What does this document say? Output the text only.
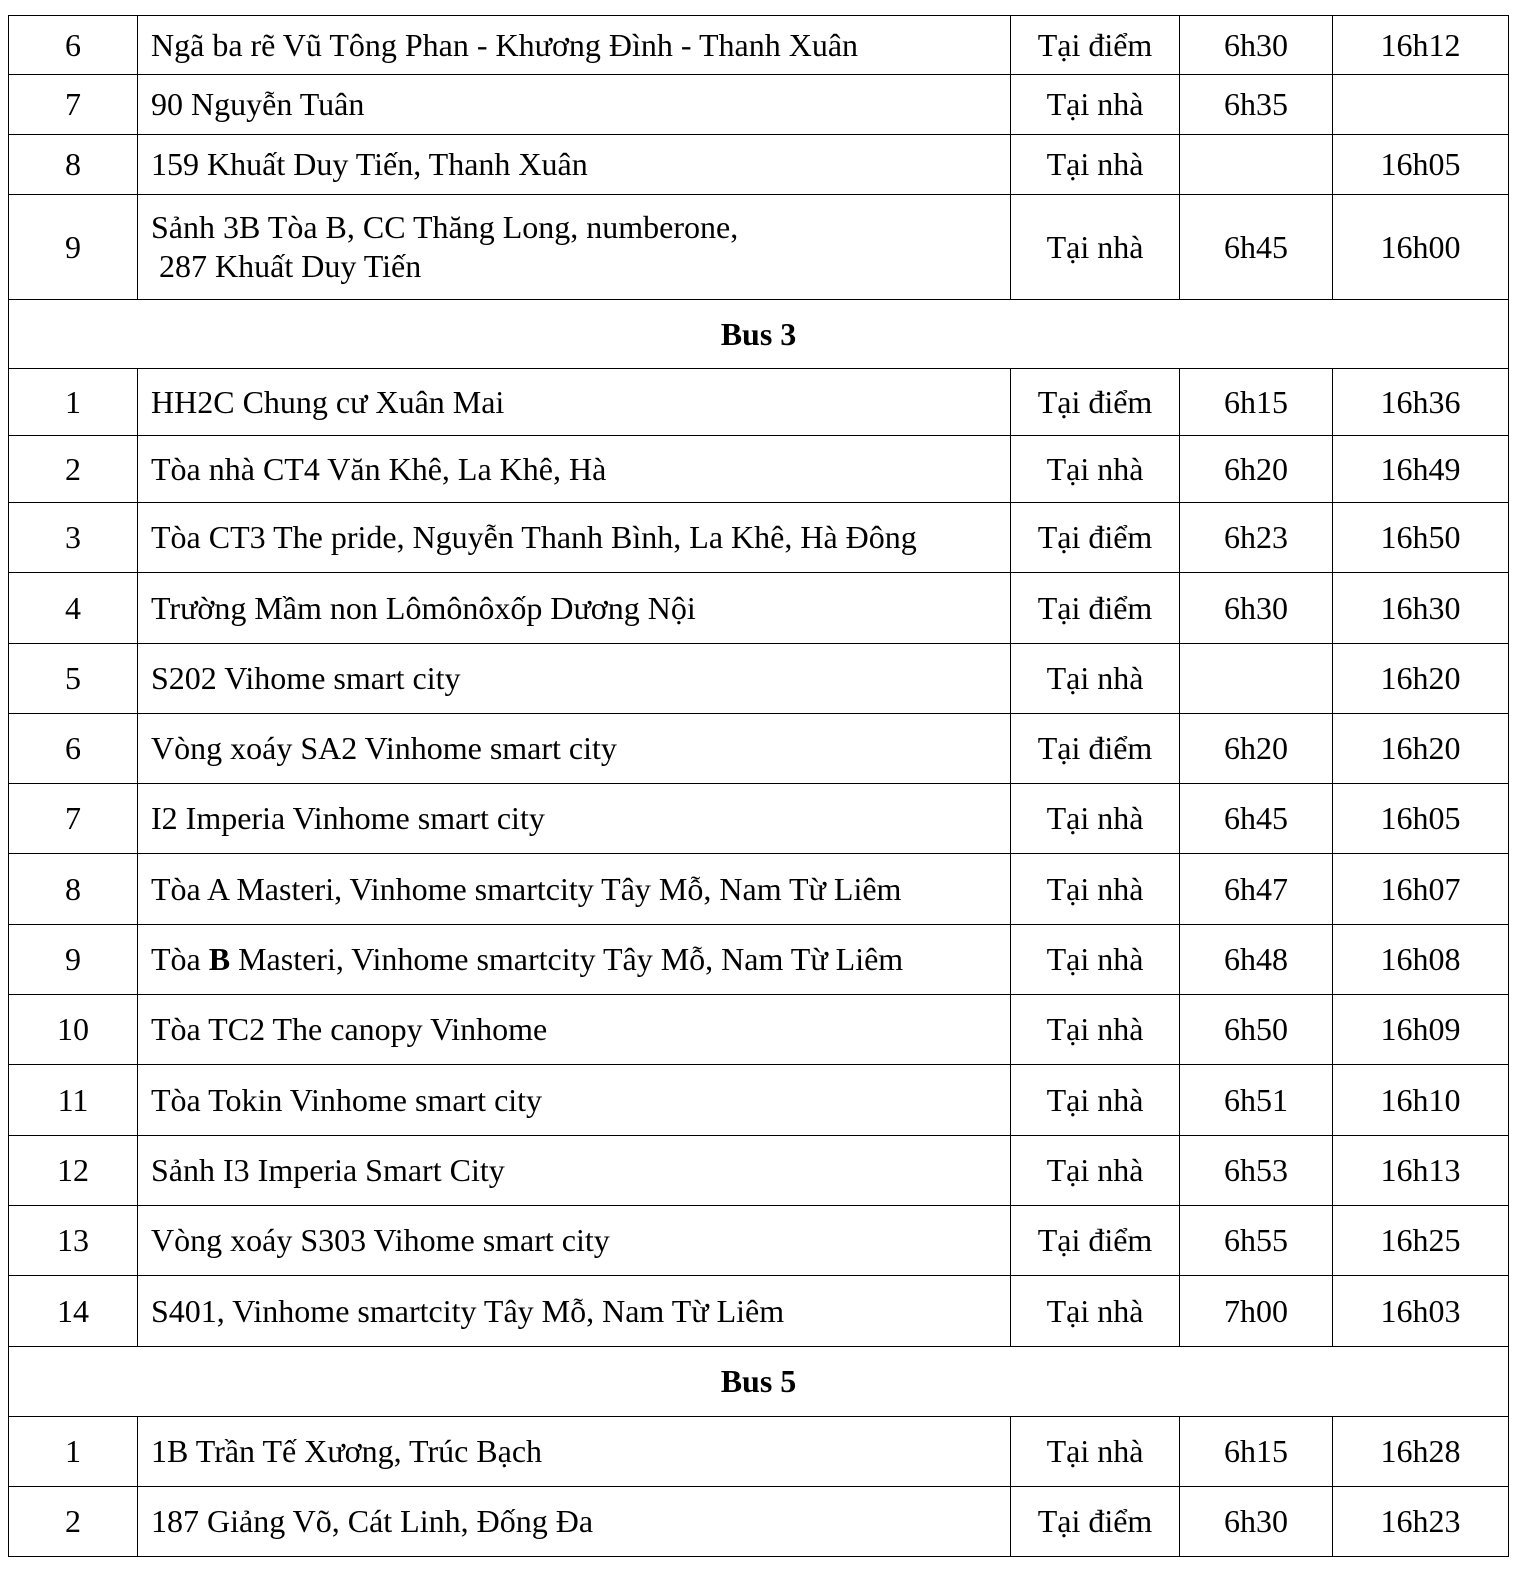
6	Ngã ba rẽ Vũ Tông Phan - Khương Đình - Thanh Xuân	Tại điểm	6h30	16h12
7	90 Nguyễn Tuân	Tại nhà	6h35	
8	159 Khuất Duy Tiến, Thanh Xuân	Tại nhà		16h05
9	Sảnh 3B Tòa B, CC Thăng Long, numberone,
287 Khuất Duy Tiến	Tại nhà	6h45	16h00
Bus 3				
1	HH2C Chung cư Xuân Mai	Tại điểm	6h15	16h36
2	Tòa nhà CT4 Văn Khê, La Khê, Hà	Tại nhà	6h20	16h49
3	Tòa CT3 The pride, Nguyễn Thanh Bình, La Khê, Hà Đông	Tại điểm	6h23	16h50
4	Trường Mầm non Lômônôxốp Dương Nội	Tại điểm	6h30	16h30
5	S202 Vihome smart city	Tại nhà		16h20
6	Vòng xoáy SA2 Vinhome smart city	Tại điểm	6h20	16h20
7	I2 Imperia Vinhome smart city	Tại nhà	6h45	16h05
8	Tòa A Masteri, Vinhome smartcity Tây Mỗ, Nam Từ Liêm	Tại nhà	6h47	16h07
9	Tòa B Masteri, Vinhome smartcity Tây Mỗ, Nam Từ Liêm	Tại nhà	6h48	16h08
10	Tòa TC2 The canopy Vinhome	Tại nhà	6h50	16h09
11	Tòa Tokin Vinhome smart city	Tại nhà	6h51	16h10
12	Sảnh I3 Imperia Smart City	Tại nhà	6h53	16h13
13	Vòng xoáy S303 Vihome smart city	Tại điểm	6h55	16h25
14	S401, Vinhome smartcity Tây Mỗ, Nam Từ Liêm	Tại nhà	7h00	16h03
Bus 5				
1	1B Trần Tế Xương, Trúc Bạch	Tại nhà	6h15	16h28
2	187 Giảng Võ, Cát Linh, Đống Đa	Tại điểm	6h30	16h23
